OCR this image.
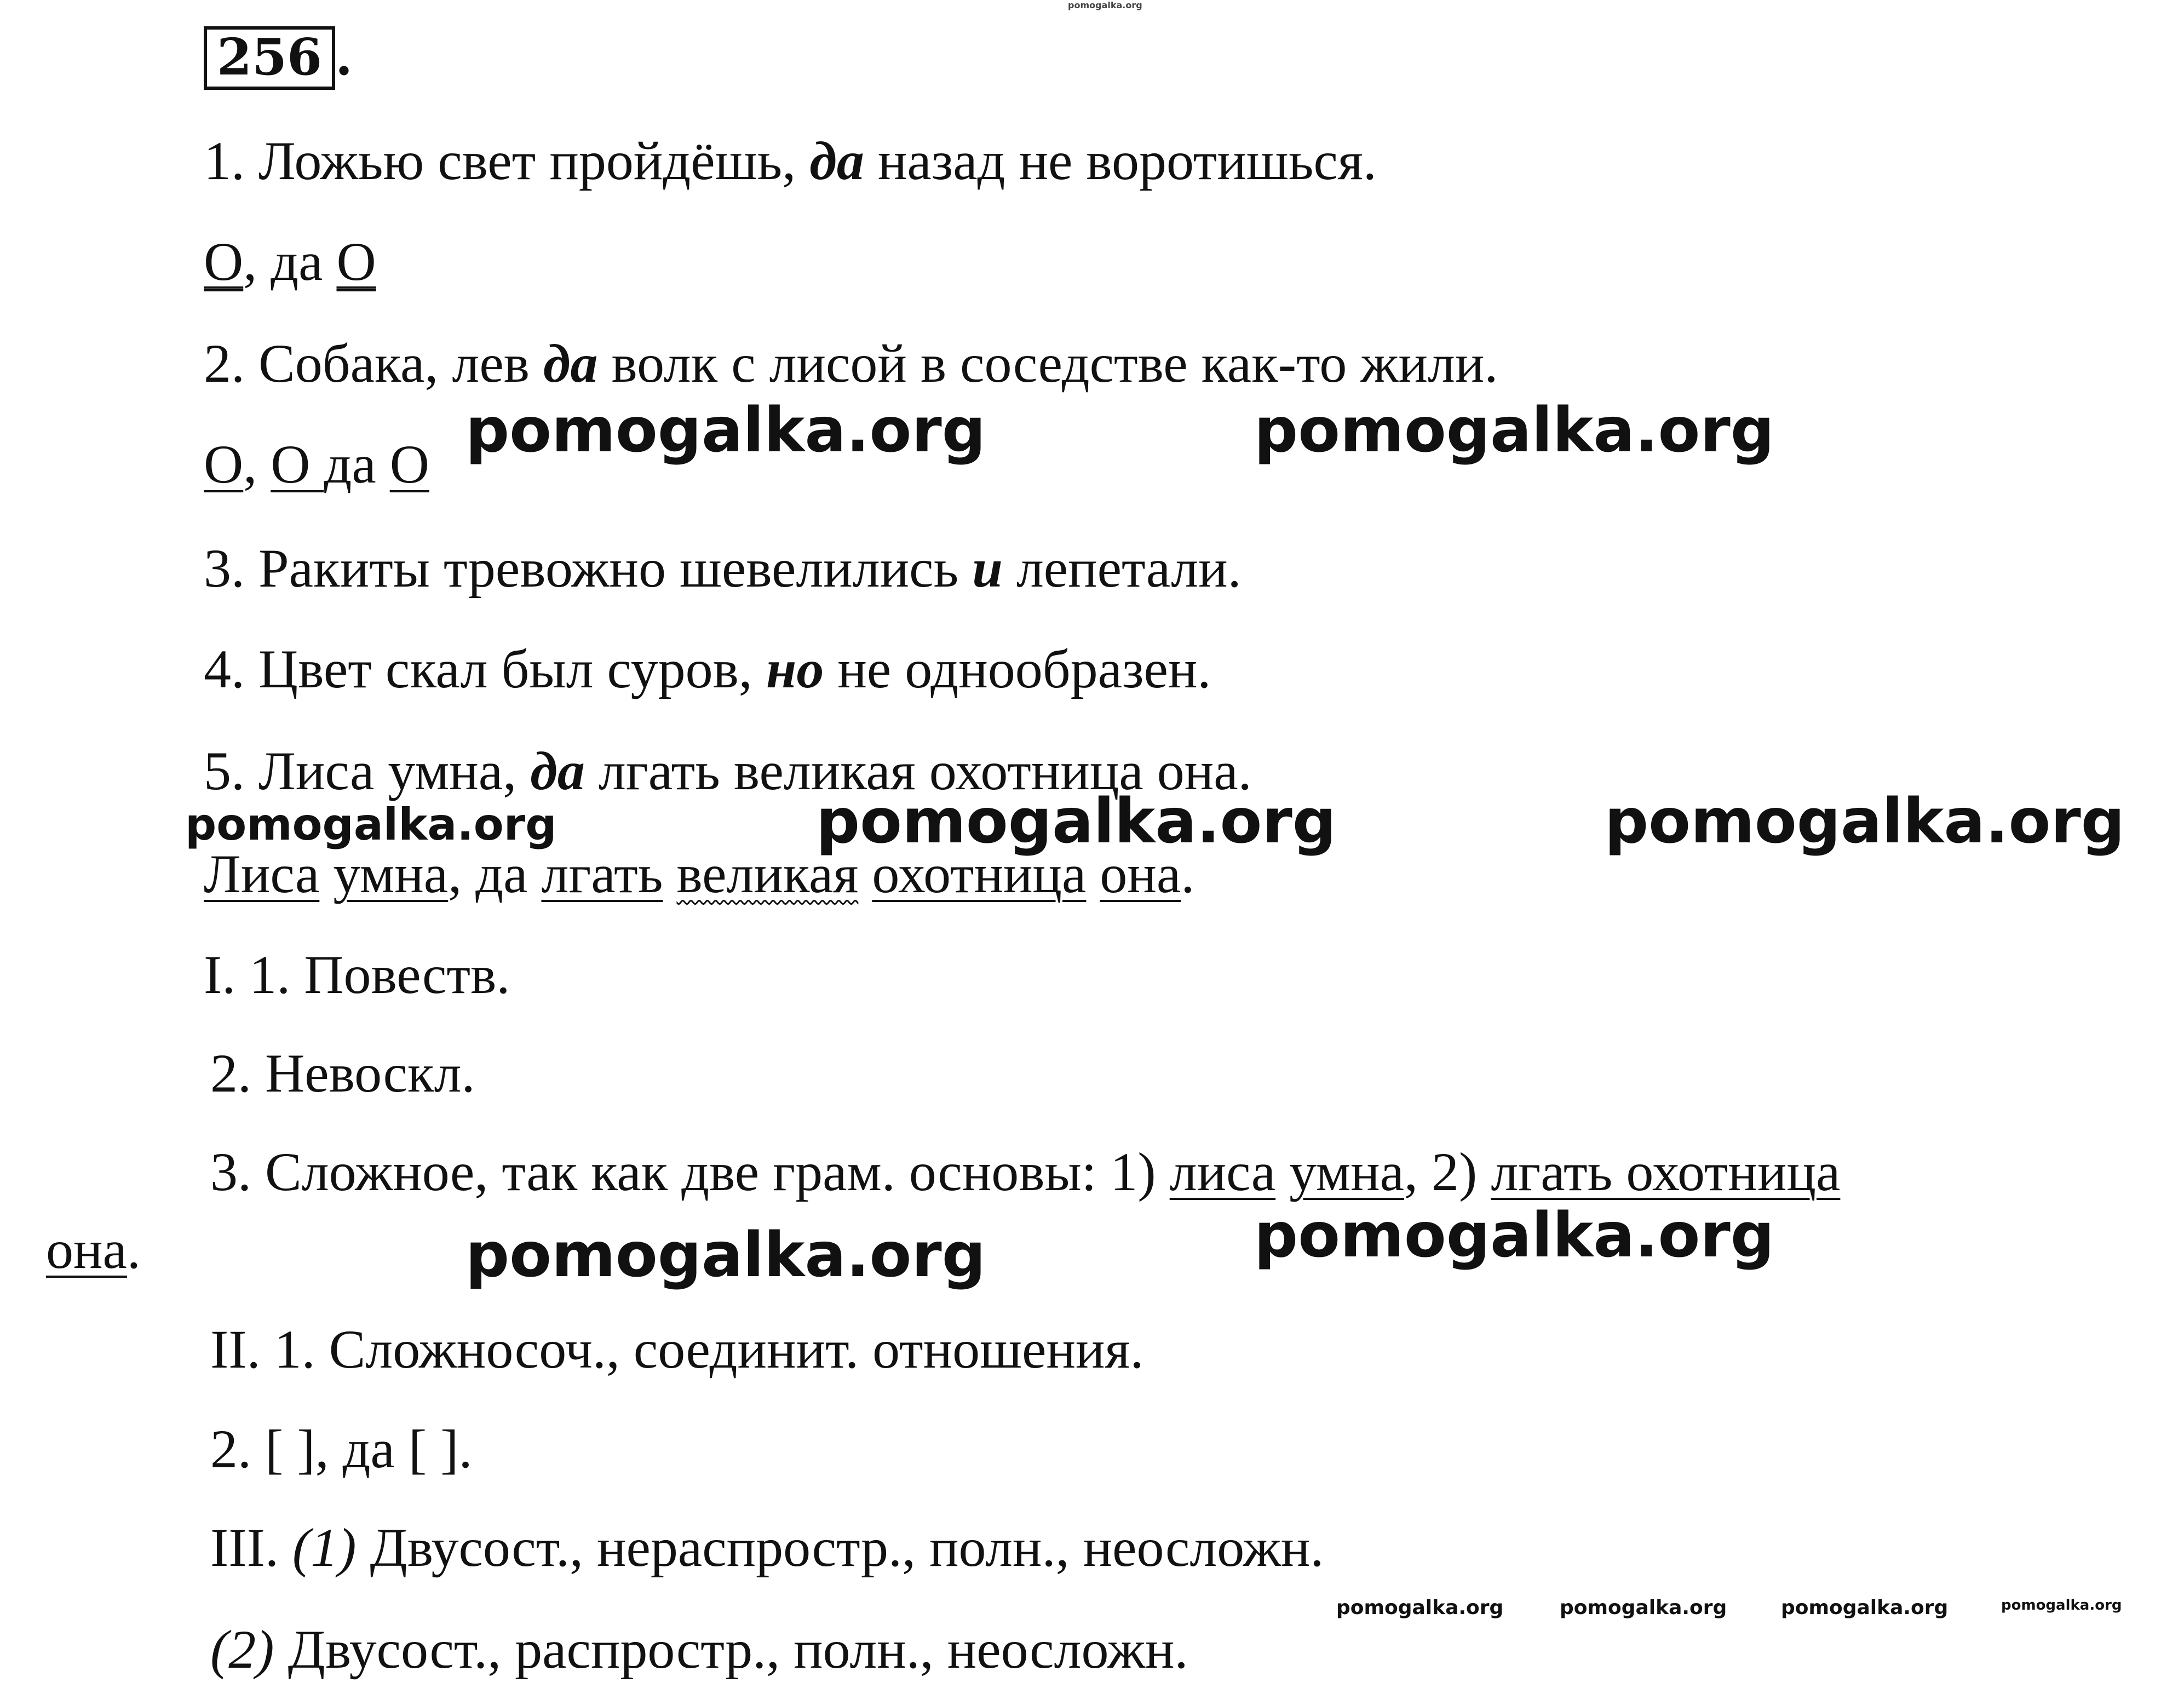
256 .

1. Ложью свет пройдёшь, да назад не воротишься.

О, да О

2. Собака, лев да волк с лисой в соседстве как-то жили.

О, О да О

3. Ракиты тревожно шевелились и лепетали.

4. Цвет скал был суров, но не однообразен.

5. Лиса умна, да лгать великая охотница она.

Лиса умна, да лгать великая охотница она.

I. 1. Повеств.

2. Невоскл.

3. Сложное, так как две грам. основы: 1) лиса умна, 2) лгать охотница

она.

II. 1. Сложносоч., соединит. отношения.

2. [ ], да [ ].

III. (1) Двусост., нераспростр., полн., неосложн.

(2) Двусост., распростр., полн., неосложн.

pomogalka.org
pomogalka.org	pomogalka.org
pomogalka.org	pomogalka.org	pomogalka.org
pomogalka.org	pomogalka.org
pomogalka.org	pomogalka.org	pomogalka.org	pomogalka.org
